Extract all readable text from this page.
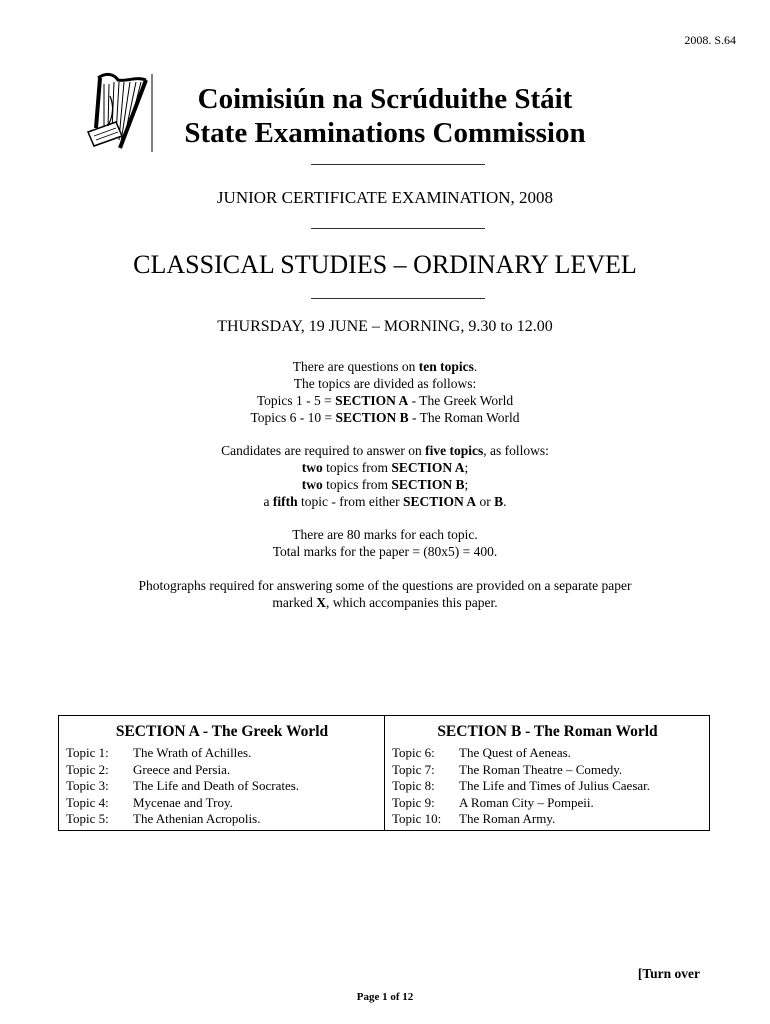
2008. S.64
Coimisiún na Scrúduithe Stáit
State Examinations Commission
JUNIOR CERTIFICATE EXAMINATION, 2008
CLASSICAL STUDIES – ORDINARY LEVEL
THURSDAY, 19 JUNE – MORNING, 9.30 to 12.00
There are questions on ten topics.
The topics are divided as follows:
Topics 1 - 5 = SECTION A - The Greek World
Topics 6 - 10 = SECTION B - The Roman World
Candidates are required to answer on five topics, as follows:
two topics from SECTION A;
two topics from SECTION B;
a fifth topic - from either SECTION A or B.
There are 80 marks for each topic.
Total marks for the paper = (80x5) = 400.
Photographs required for answering some of the questions are provided on a separate paper
marked X, which accompanies this paper.
SECTION A - The Greek World
Topic 1:	The Wrath of Achilles.
Topic 2:	Greece and Persia.
Topic 3:	The Life and Death of Socrates.
Topic 4:	Mycenae and Troy.
Topic 5:	The Athenian Acropolis.
SECTION B - The Roman World
Topic 6:	The Quest of Aeneas.
Topic 7:	The Roman Theatre – Comedy.
Topic 8:	The Life and Times of Julius Caesar.
Topic 9:	A Roman City – Pompeii.
Topic 10:	The Roman Army.
[Turn over
Page 1 of 12
